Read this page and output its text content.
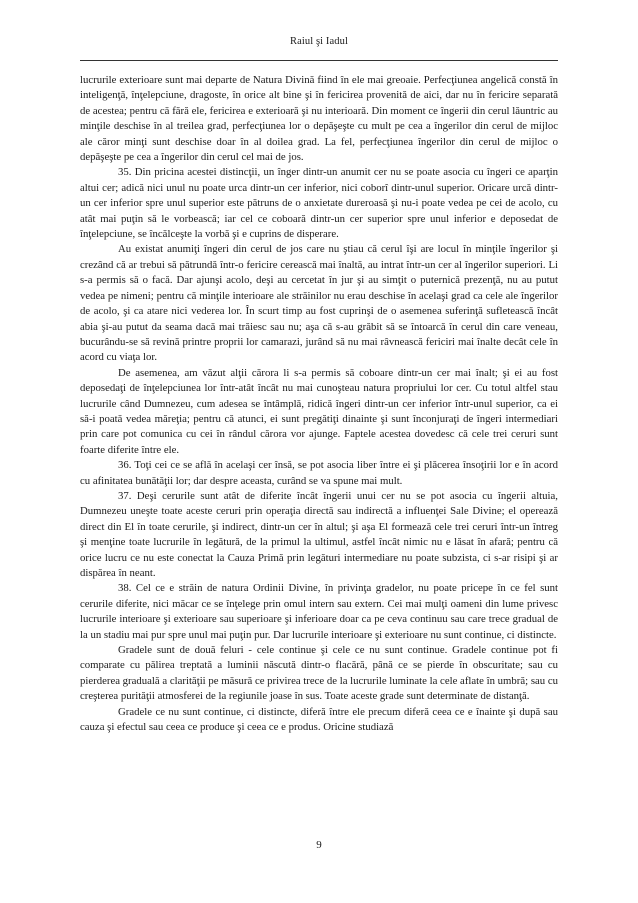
Raiul şi Iadul

lucrurile exterioare sunt mai departe de Natura Divină fiind în ele mai greoaie. Perfecţiunea angelică constă în inteligenţă, înţelepciune, dragoste, în orice alt bine şi în fericirea provenită de aici, dar nu în fericire separată de acestea; pentru că fără ele, fericirea e exterioară şi nu interioară. Din moment ce îngerii din cerul lăuntric au minţile deschise în al treilea grad, perfecţiunea lor o depăşeşte cu mult pe cea a îngerilor din cerul de mijloc ale căror minţi sunt deschise doar în al doilea grad. La fel, perfecţiunea îngerilor din cerul de mijloc o depăşeşte pe cea a îngerilor din cerul cel mai de jos.

35. Din pricina acestei distincţii, un înger dintr-un anumit cer nu se poate asocia cu îngeri ce aparţin altui cer; adică nici unul nu poate urca dintr-un cer inferior, nici coborî dintr-unul superior. Oricare urcă dintr-un cer inferior spre unul superior este pătruns de o anxietate dureroasă şi nu-i poate vedea pe cei de acolo, cu atât mai puţin să le vorbească; iar cel ce coboară dintr-un cer superior spre unul inferior e deposedat de înţelepciune, se încălceşte la vorbă şi e cuprins de disperare.

Au existat anumiţi îngeri din cerul de jos care nu ştiau că cerul îşi are locul în minţile îngerilor şi crezând că ar trebui să pătrundă într-o fericire cerească mai înaltă, au intrat într-un cer al îngerilor superiori. Li s-a permis să o facă. Dar ajunşi acolo, deşi au cercetat în jur şi au simţit o puternică prezenţă, nu au putut vedea pe nimeni; pentru că minţile interioare ale străinilor nu erau deschise în acelaşi grad ca cele ale îngerilor de acolo, şi ca atare nici vederea lor. În scurt timp au fost cuprinşi de o asemenea suferinţă sufletească încât abia şi-au putut da seama dacă mai trăiesc sau nu; aşa că s-au grăbit să se întoarcă în cerul din care veneau, bucurându-se să revină printre proprii lor camarazi, jurând să nu mai râvnească fericiri mai înalte decât cele în acord cu viaţa lor.

De asemenea, am văzut alţii cărora li s-a permis să coboare dintr-un cer mai înalt; şi ei au fost deposedaţi de înţelepciunea lor într-atât încât nu mai cunoşteau natura propriului lor cer. Cu totul altfel stau lucrurile când Dumnezeu, cum adesea se întâmplă, ridică îngeri dintr-un cer inferior într-unul superior, ca ei să-i poată vedea măreţia; pentru că atunci, ei sunt pregătiţi dinainte şi sunt înconjuraţi de îngeri intermediari prin care pot comunica cu cei în rândul cărora vor ajunge. Faptele acestea dovedesc că cele trei ceruri sunt foarte diferite între ele.

36. Toţi cei ce se află în acelaşi cer însă, se pot asocia liber între ei şi plăcerea însoţirii lor e în acord cu afinitatea bunătăţii lor; dar despre aceasta, curând se va spune mai mult.

37. Deşi cerurile sunt atât de diferite încât îngerii unui cer nu se pot asocia cu îngerii altuia, Dumnezeu uneşte toate aceste ceruri prin operaţia directă sau indirectă a influenţei Sale Divine; el operează direct din El în toate cerurile, şi indirect, dintr-un cer în altul; şi aşa El formează cele trei ceruri într-un întreg şi menţine toate lucrurile în legătură, de la primul la ultimul, astfel încât nimic nu e lăsat în afară; pentru că orice lucru ce nu este conectat la Cauza Primă prin legături intermediare nu poate subzista, ci s-ar risipi şi ar dispărea în neant.

38. Cel ce e străin de natura Ordinii Divine, în privinţa gradelor, nu poate pricepe în ce fel sunt cerurile diferite, nici măcar ce se înţelege prin omul intern sau extern. Cei mai mulţi oameni din lume privesc lucrurile interioare şi exterioare sau superioare şi inferioare doar ca pe ceva continuu sau care trece gradual de la un stadiu mai pur spre unul mai puţin pur. Dar lucrurile interioare şi exterioare nu sunt continue, ci distincte.

Gradele sunt de două feluri - cele continue şi cele ce nu sunt continue. Gradele continue pot fi comparate cu pălirea treptată a luminii născută dintr-o flacără, până ce se pierde în obscuritate; sau cu pierderea graduală a clarităţii pe măsură ce privirea trece de la lucrurile luminate la cele aflate în umbră; sau cu creşterea purităţii atmosferei de la regiunile joase în sus. Toate aceste grade sunt determinate de distanţă.

Gradele ce nu sunt continue, ci distincte, diferă între ele precum diferă ceea ce e înainte şi după sau cauza şi efectul sau ceea ce produce şi ceea ce e produs. Oricine studiază

9
